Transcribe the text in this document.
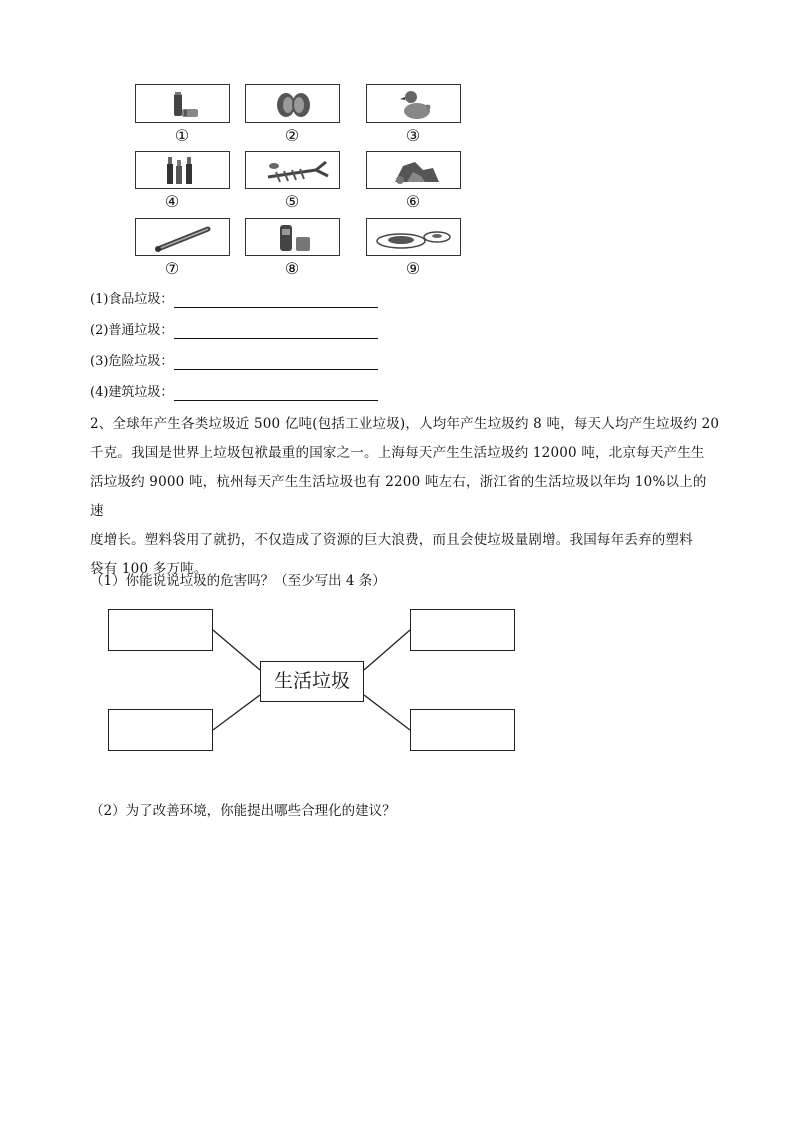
①	②	③
④	⑤	⑥
⑦	⑧	⑨
(1)食品垃圾：
(2)普通垃圾：
(3)危险垃圾：
(4)建筑垃圾：
2、全球年产生各类垃圾近 500 亿吨(包括工业垃圾)，人均年产生垃圾约 8 吨，每天人均产生垃圾约 20
千克。我国是世界上垃圾包袱最重的国家之一。上海每天产生生活垃圾约 12000 吨，北京每天产生生
活垃圾约 9000 吨，杭州每天产生生活垃圾也有 2200 吨左右，浙江省的生活垃圾以年均 10%以上的速
度增长。塑料袋用了就扔，不仅造成了资源的巨大浪费，而且会使垃圾量剧增。我国每年丢弃的塑料
袋有 100 多万吨。
（1）你能说说垃圾的危害吗？（至少写出 4 条）
生活垃圾
（2）为了改善环境，你能提出哪些合理化的建议？
